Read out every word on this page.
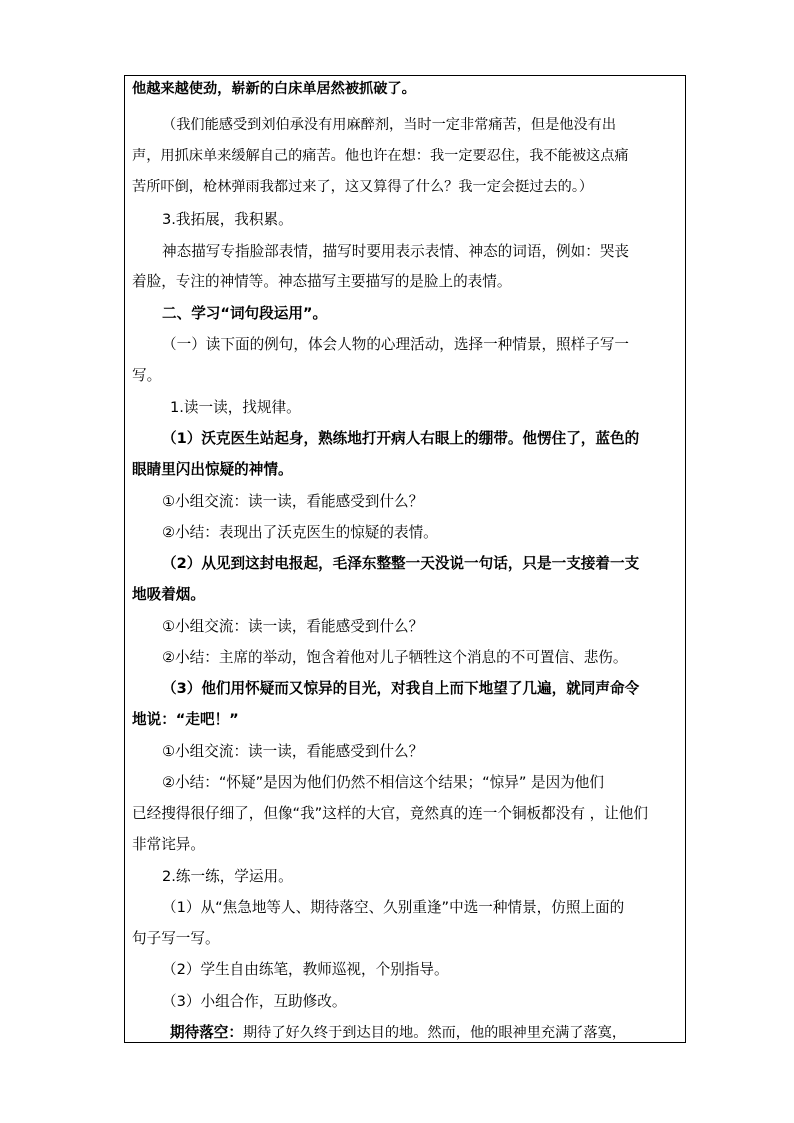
他越来越使劲，崭新的白床单居然被抓破了。
（我们能感受到刘伯承没有用麻醉剂，当时一定非常痛苦，但是他没有出
声，用抓床单来缓解自己的痛苦。他也许在想：我一定要忍住，我不能被这点痛
苦所吓倒，枪林弹雨我都过来了，这又算得了什么？我一定会挺过去的。）
3.我拓展，我积累。
神态描写专指脸部表情，描写时要用表示表情、神态的词语，例如：哭丧
着脸，专注的神情等。神态描写主要描写的是脸上的表情。
二、学习“词句段运用”。
（一）读下面的例句，体会人物的心理活动，选择一种情景，照样子写一
写。
1.读一读，找规律。
（1）沃克医生站起身，熟练地打开病人右眼上的绷带。他愣住了，蓝色的
眼睛里闪出惊疑的神情。
①小组交流：读一读，看能感受到什么？
②小结：表现出了沃克医生的惊疑的表情。
（2）从见到这封电报起，毛泽东整整一天没说一句话，只是一支接着一支
地吸着烟。
①小组交流：读一读，看能感受到什么？
②小结：主席的举动，饱含着他对儿子牺牲这个消息的不可置信、悲伤。
（3）他们用怀疑而又惊异的目光，对我自上而下地望了几遍，就同声命令
地说：“走吧！”
①小组交流：读一读，看能感受到什么？
②小结：“怀疑”是因为他们仍然不相信这个结果；“惊异” 是因为他们
已经搜得很仔细了，但像“我”这样的大官，竟然真的连一个铜板都没有 ，让他们
非常诧异。
2.练一练，学运用。
（1）从“焦急地等人、期待落空、久别重逢”中选一种情景，仿照上面的
句子写一写。
（2）学生自由练笔，教师巡视，个别指导。
（3）小组合作，互助修改。
期待落空：期待了好久终于到达目的地。然而，他的眼神里充满了落寞，
